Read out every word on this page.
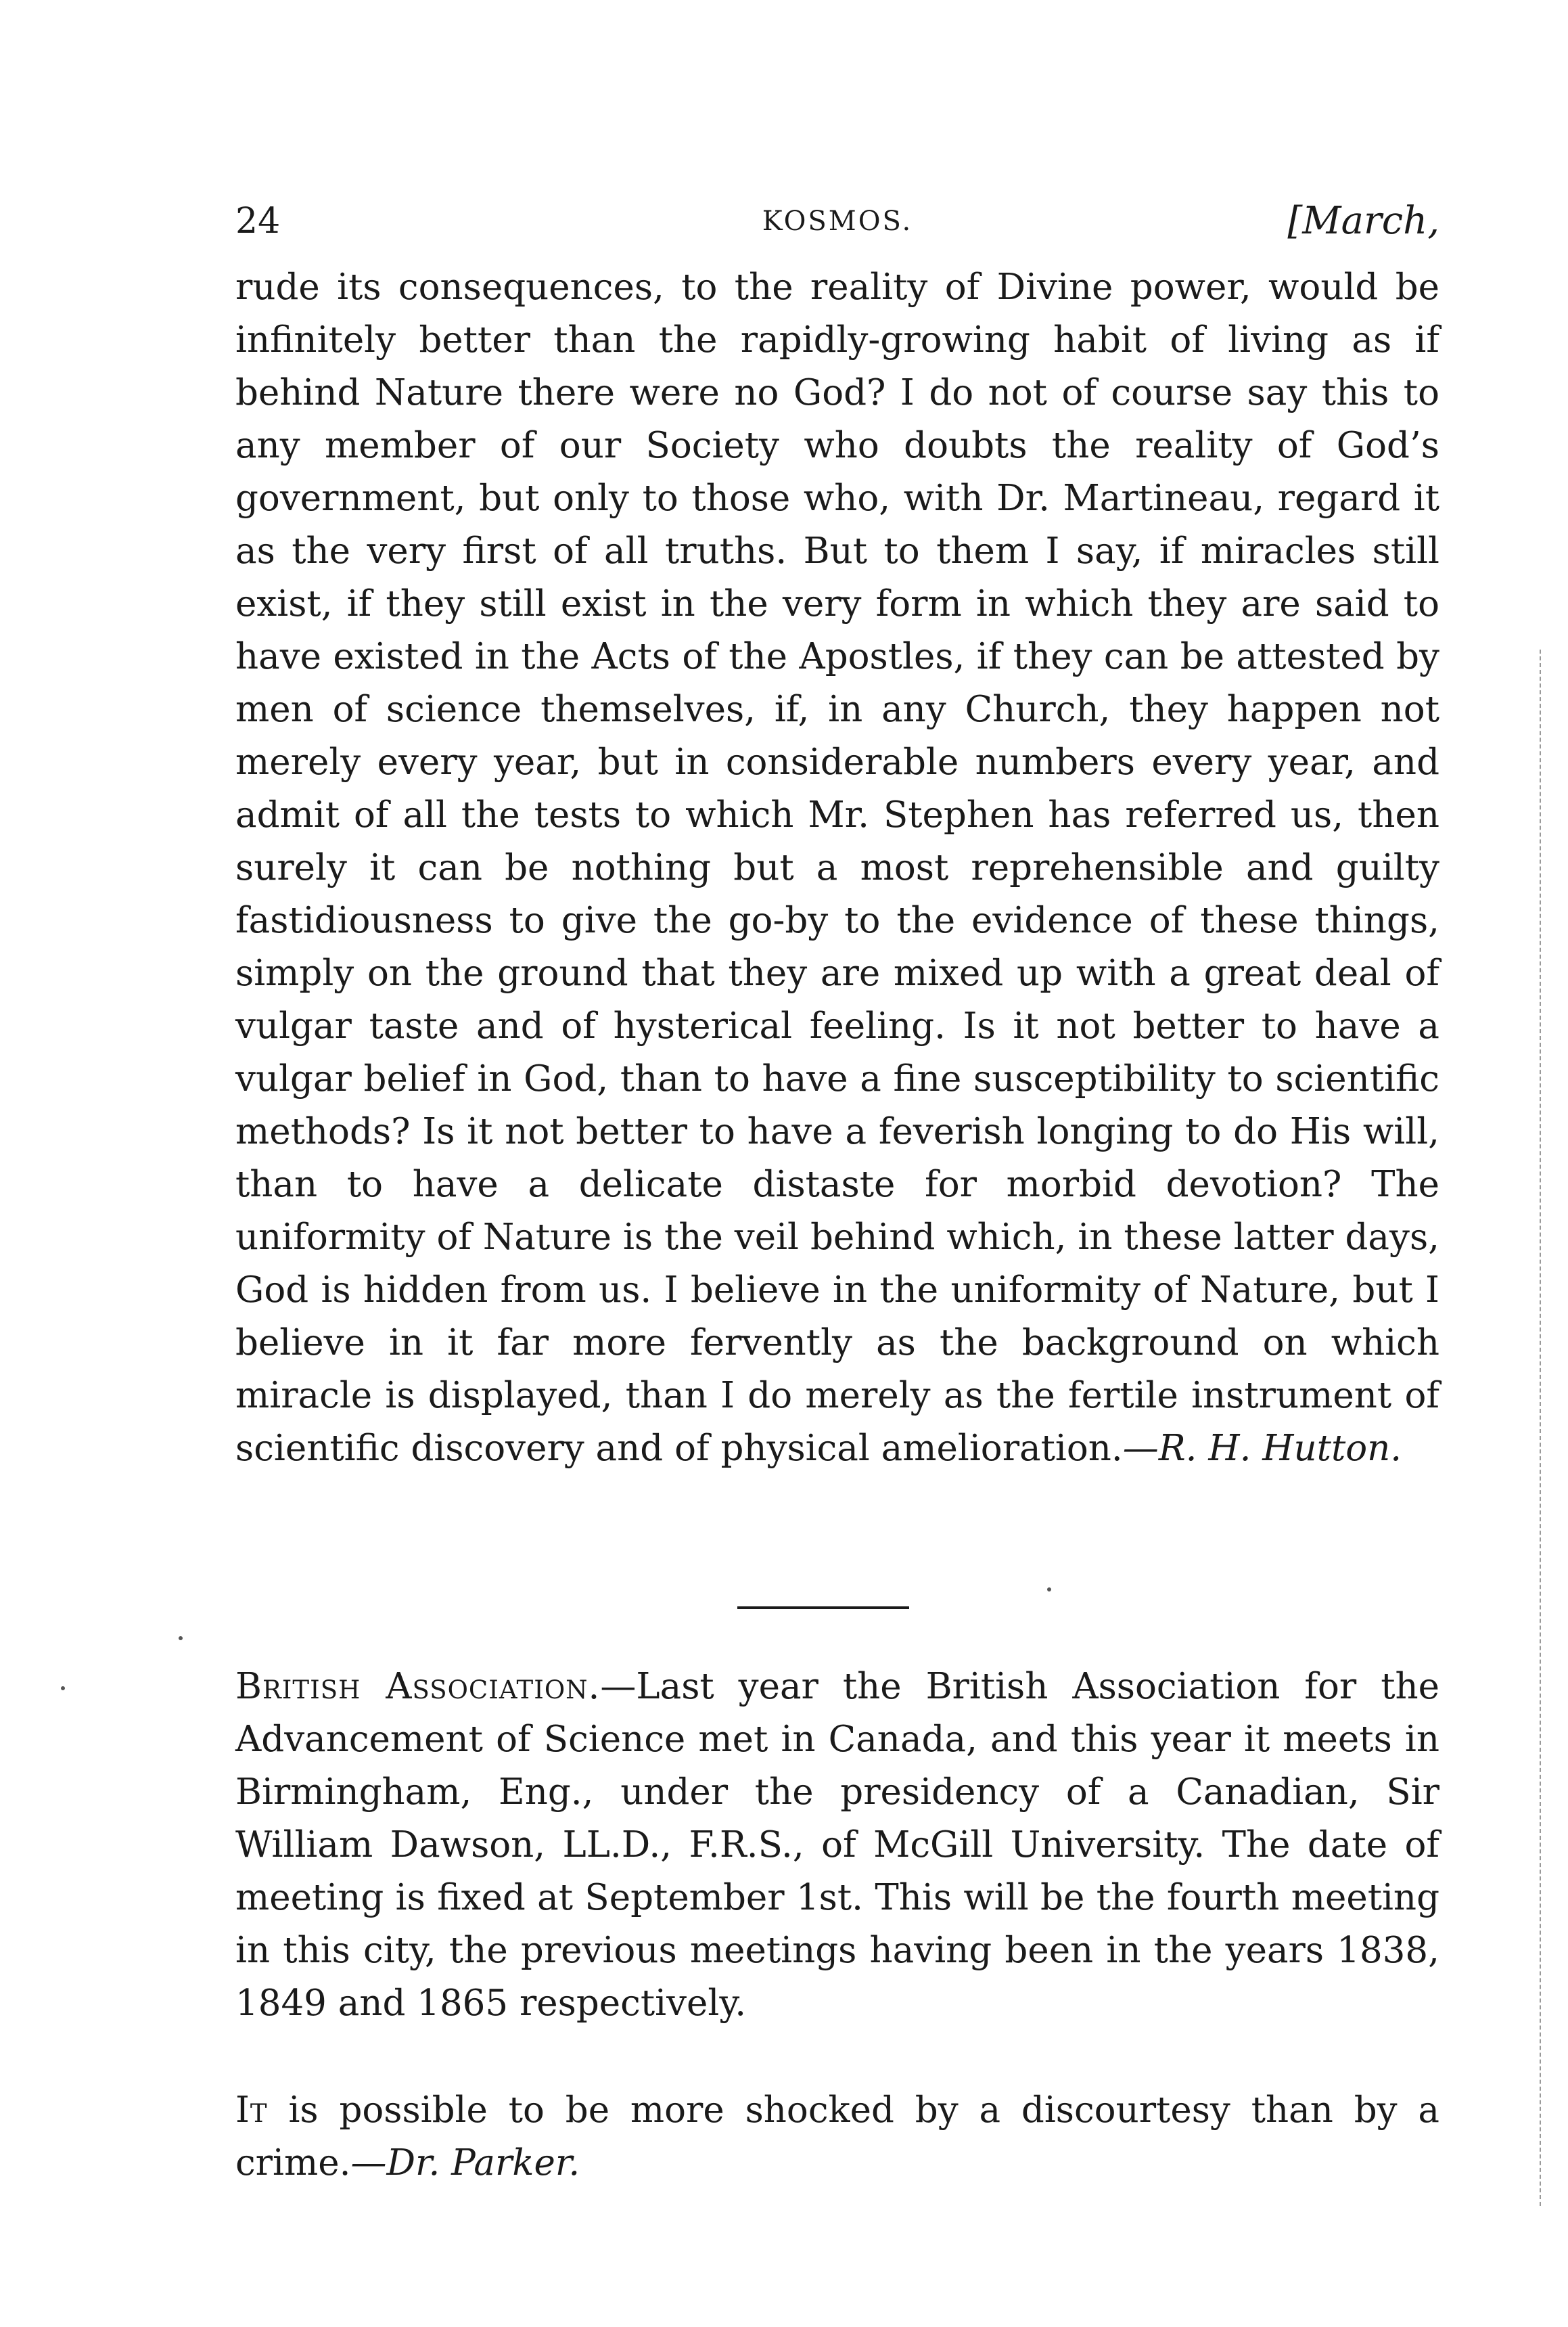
24	KOSMOS.	[March,

rude its consequences, to the reality of Divine power, would be infinitely better than the rapidly-growing habit of living as if behind Nature there were no God? I do not of course say this to any member of our Society who doubts the reality of God’s government, but only to those who, with Dr. Martineau, regard it as the very first of all truths. But to them I say, if miracles still exist, if they still exist in the very form in which they are said to have existed in the Acts of the Apostles, if they can be attested by men of science themselves, if, in any Church, they happen not merely every year, but in considerable numbers every year, and admit of all the tests to which Mr. Stephen has referred us, then surely it can be nothing but a most reprehensible and guilty fastidiousness to give the go-by to the evidence of these things, simply on the ground that they are mixed up with a great deal of vulgar taste and of hysterical feeling. Is it not better to have a vulgar belief in God, than to have a fine susceptibility to scientific methods? Is it not better to have a feverish longing to do His will, than to have a delicate distaste for morbid devotion? The uniformity of Nature is the veil behind which, in these latter days, God is hidden from us. I believe in the uniformity of Nature, but I believe in it far more fervently as the background on which miracle is displayed, than I do merely as the fertile instrument of scientific discovery and of physical amelioration.—R. H. Hutton.

British Association.—Last year the British Association for the Advancement of Science met in Canada, and this year it meets in Birmingham, Eng., under the presidency of a Canadian, Sir William Dawson, LL.D., F.R.S., of McGill University. The date of meeting is fixed at September 1st. This will be the fourth meeting in this city, the previous meetings having been in the years 1838, 1849 and 1865 respectively.

It is possible to be more shocked by a discourtesy than by a crime.—Dr. Parker.
